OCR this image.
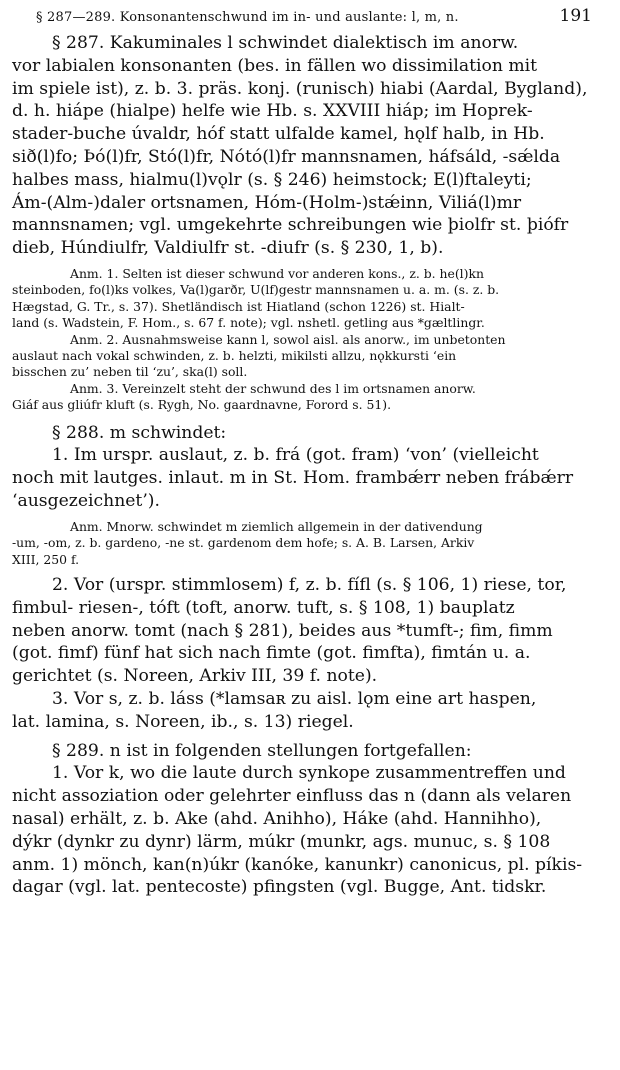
§ 287—289. Konsonantenschwund im in- und auslante: l, m, n.	191

§ 287. Kakuminales l schwindet dialektisch im anorw.

vor labialen konsonanten (bes. in fällen wo dissimilation mit

im spiele ist), z. b. 3. präs. konj. (runisch) hiabi (Aardal, Bygland),

d. h. hiápe (hialpe) helfe wie Hb. s. XXVIII hiáp; im Hoprek-

stader-buche úvaldr, hóf statt ulfalde kamel, hǫlf halb, in Hb.

sið(l)fo; Þó(l)fr, Stó(l)fr, Nótó(l)fr mannsnamen, háfsáld, -sǽlda

halbes mass, hialmu(l)vǫlr (s. § 246) heimstock; E(l)ftaleyti;

Ám-(Alm-)daler ortsnamen, Hóm-(Holm-)stǽinn, Viliá(l)mr

mannsnamen; vgl. umgekehrte schreibungen wie þiolfr st. þiófr

dieb, Húndiulfr, Valdiulfr st. -diufr (s. § 230, 1, b).

Anm. 1. Selten ist dieser schwund vor anderen kons., z. b. he(l)kn

steinboden, fo(l)ks volkes, Va(l)garðr, U(lf)gestr mannsnamen u. a. m. (s. z. b.

Hægstad, G. Tr., s. 37). Shetländisch ist Hiatland (schon 1226) st. Hialt-

land (s. Wadstein, F. Hom., s. 67 f. note); vgl. nshetl. getling aus *gæltlingr.

Anm. 2. Ausnahmsweise kann l, sowol aisl. als anorw., im unbetonten

auslaut nach vokal schwinden, z. b. helzti, mikilsti allzu, nǫkkursti ‘ein

bisschen zu’ neben til ‘zu’, ska(l) soll.

Anm. 3. Vereinzelt steht der schwund des l im ortsnamen anorw.

Giáf aus gliúfr kluft (s. Rygh, No. gaardnavne, Forord s. 51).

§ 288. m schwindet:

1. Im urspr. auslaut, z. b. frá (got. fram) ‘von’ (vielleicht

noch mit lautges. inlaut. m in St. Hom. frambǽrr neben frábǽrr

‘ausgezeichnet’).

Anm. Mnorw. schwindet m ziemlich allgemein in der dativendung

-um, -om, z. b. gardeno, -ne st. gardenom dem hofe; s. A. B. Larsen, Arkiv

XIII, 250 f.

2. Vor (urspr. stimmlosem) f, z. b. fífl (s. § 106, 1) riese, tor,

fimbul- riesen-, tóft (toft, anorw. tuft, s. § 108, 1) bauplatz

neben anorw. tomt (nach § 281), beides aus *tumft-; fim, fimm

(got. fimf) fünf hat sich nach fimte (got. fimfta), fimtán u. a.

gerichtet (s. Noreen, Arkiv III, 39 f. note).

3. Vor s, z. b. láss (*lamsaʀ zu aisl. lǫm eine art haspen,

lat. lamina, s. Noreen, ib., s. 13) riegel.

§ 289. n ist in folgenden stellungen fortgefallen:

1. Vor k, wo die laute durch synkope zusammentreffen und

nicht assoziation oder gelehrter einfluss das n (dann als velaren

nasal) erhält, z. b. Ake (ahd. Anihho), Háke (ahd. Hannihho),

dýkr (dynkr zu dynr) lärm, múkr (munkr, ags. munuc, s. § 108

anm. 1) mönch, kan(n)úkr (kanóke, kanunkr) canonicus, pl. píkis-

dagar (vgl. lat. pentecoste) pfingsten (vgl. Bugge, Ant. tidskr.
